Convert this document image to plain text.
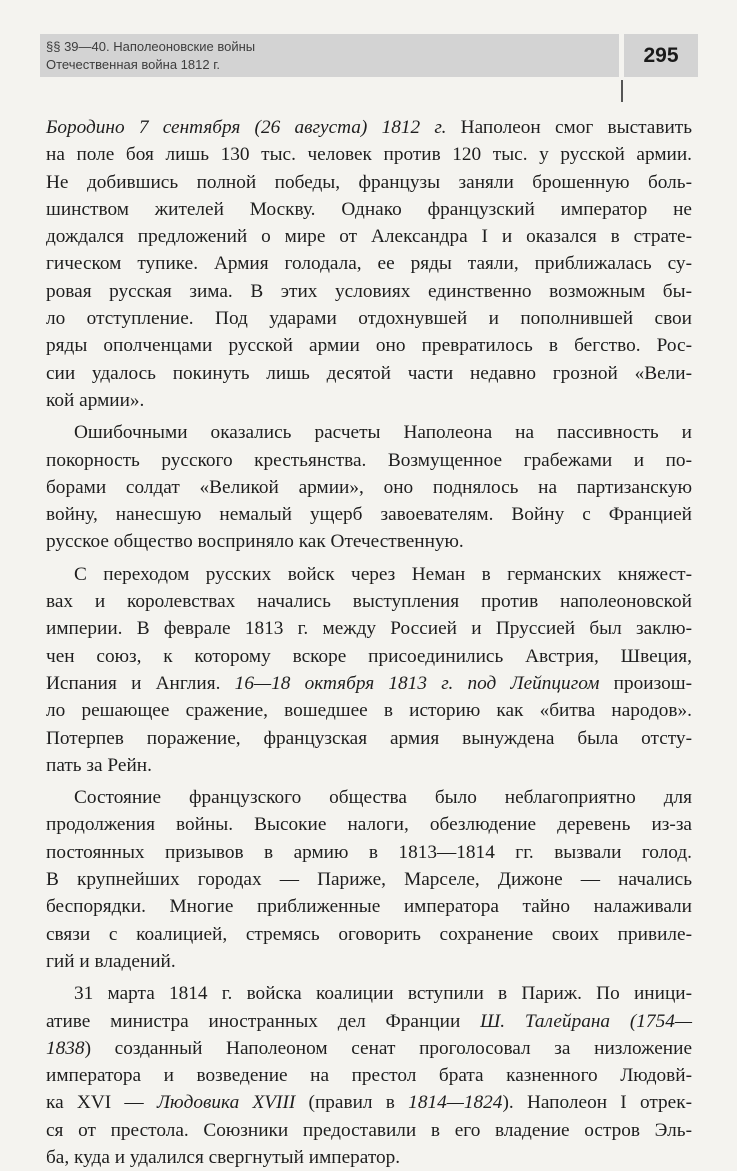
§§ 39—40. Наполеоновские войны
Отечественная война 1812 г.	295
Бородино 7 сентября (26 августа) 1812 г. Наполеон смог выставить
на поле боя лишь 130 тыс. человек против 120 тыс. у русской армии.
Не добившись полной победы, французы заняли брошенную боль-
шинством жителей Москву. Однако французский император не
дождался предложений о мире от Александра I и оказался в страте-
гическом тупике. Армия голодала, ее ряды таяли, приближалась су-
ровая русская зима. В этих условиях единственно возможным бы-
ло отступление. Под ударами отдохнувшей и пополнившей свои
ряды ополченцами русской армии оно превратилось в бегство. Рос-
сии удалось покинуть лишь десятой части недавно грозной «Вели-
кой армии».
Ошибочными оказались расчеты Наполеона на пассивность и
покорность русского крестьянства. Возмущенное грабежами и по-
борами солдат «Великой армии», оно поднялось на партизанскую
войну, нанесшую немалый ущерб завоевателям. Войну с Францией
русское общество восприняло как Отечественную.
С переходом русских войск через Неман в германских княжест-
вах и королевствах начались выступления против наполеоновской
империи. В феврале 1813 г. между Россией и Пруссией был заклю-
чен союз, к которому вскоре присоединились Австрия, Швеция,
Испания и Англия. 16—18 октября 1813 г. под Лейпцигом произош-
ло решающее сражение, вошедшее в историю как «битва народов».
Потерпев поражение, французская армия вынуждена была отсту-
пать за Рейн.
Состояние французского общества было неблагоприятно для
продолжения войны. Высокие налоги, обезлюдение деревень из-за
постоянных призывов в армию в 1813—1814 гг. вызвали голод.
В крупнейших городах — Париже, Марселе, Дижоне — начались
беспорядки. Многие приближенные императора тайно налаживали
связи с коалицией, стремясь оговорить сохранение своих привиле-
гий и владений.
31 марта 1814 г. войска коалиции вступили в Париж. По иници-
ативе министра иностранных дел Франции Ш. Талейрана (1754—
1838) созданный Наполеоном сенат проголосовал за низложение
императора и возведение на престол брата казненного Людовй-
ка XVI — Людовика XVIII (правил в 1814—1824). Наполеон I отрек-
ся от престола. Союзники предоставили в его владение остров Эль-
ба, куда и удалился свергнутый император.
